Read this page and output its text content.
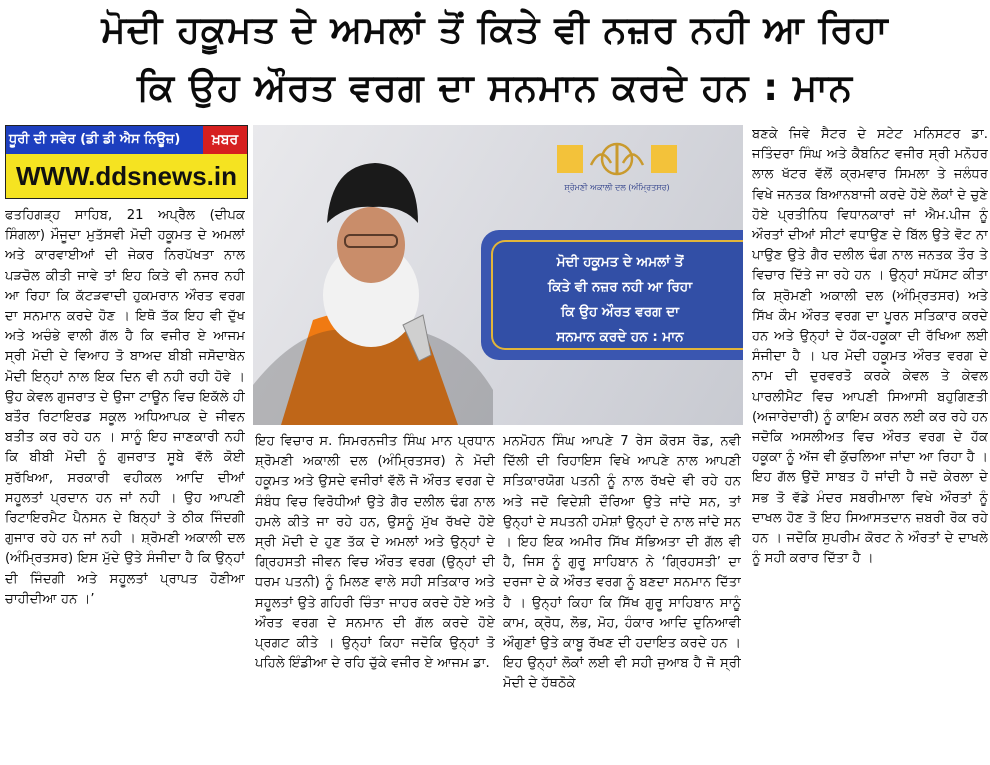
ਮੋਦੀ ਹਕੂਮਤ ਦੇ ਅਮਲਾਂ ਤੋਂ ਕਿਤੇ ਵੀ ਨਜ਼ਰ ਨਹੀ ਆ ਰਿਹਾ
ਕਿ ਉਹ ਔਰਤ ਵਰਗ ਦਾ ਸਨਮਾਨ ਕਰਦੇ ਹਨ : ਮਾਨ
ਧੂਰੀ ਦੀ ਸਵੇਰ (ਡੀ ਡੀ ਐਸ ਨਿਊਜ਼)	ਖ਼ਬਰ
WWW.ddsnews.in	ਸ਼੍ਰੋਮਣੀ ਅਕਾਲੀ ਦਲ (ਅੰਮ੍ਰਿਤਸਰ)
ਮੋਦੀ ਹਕੂਮਤ ਦੇ ਅਮਲਾਂ ਤੋਂ
ਕਿਤੇ ਵੀ ਨਜ਼ਰ ਨਹੀ ਆ ਰਿਹਾ
ਕਿ ਉਹ ਔਰਤ ਵਰਗ ਦਾ
ਸਨਮਾਨ ਕਰਦੇ ਹਨ : ਮਾਨ
ਫਤਹਿਗੜ੍ਹ ਸਾਹਿਬ, 21 ਅਪ੍ਰੈਲ (ਦੀਪਕ ਸਿੰਗਲਾ) ਮੌਜੂਦਾ ਮੁਤੱਸਵੀ ਮੋਦੀ ਹਕੂਮਤ ਦੇ ਅਮਲਾਂ ਅਤੇ ਕਾਰਵਾਈਆਂ ਦੀ ਜੇਕਰ ਨਿਰਪੱਖਤਾ ਨਾਲ ਪੜਚੋਲ ਕੀਤੀ ਜਾਵੇ ਤਾਂ ਇਹ ਕਿਤੇ ਵੀ ਨਜਰ ਨਹੀ ਆ ਰਿਹਾ ਕਿ ਕੱਟੜਵਾਦੀ ਹੁਕਮਰਾਨ ਔਰਤ ਵਰਗ ਦਾ ਸਨਮਾਨ ਕਰਦੇ ਹੋਣ । ਇਥੋ ਤੱਕ ਇਹ ਵੀ ਦੁੱਖ ਅਤੇ ਅਚੰਭੇ ਵਾਲੀ ਗੱਲ ਹੈ ਕਿ ਵਜੀਰ ਏ ਆਜਮ ਸ੍ਰੀ ਮੋਦੀ ਦੇ ਵਿਆਹ ਤੋ ਬਾਅਦ ਬੀਬੀ ਜਸੋਦਾਬੇਨ ਮੋਦੀ ਇਨ੍ਹਾਂ ਨਾਲ ਇਕ ਦਿਨ ਵੀ ਨਹੀ ਰਹੀ ਹੋਵੇ । ਉਹ ਕੇਵਲ ਗੁਜਰਾਤ ਦੇ ਉਜਾ ਟਾਊਨ ਵਿਚ ਇਕੱਲੇ ਹੀ ਬਤੌਰ ਰਿਟਾਇਰਡ ਸਕੂਲ ਅਧਿਆਪਕ ਦੇ ਜੀਵਨ ਬਤੀਤ ਕਰ ਰਹੇ ਹਨ । ਸਾਨੂੰ ਇਹ ਜਾਣਕਾਰੀ ਨਹੀ ਕਿ ਬੀਬੀ ਮੋਦੀ ਨੂੰ ਗੁਜਰਾਤ ਸੂਬੇ ਵੱਲੋ ਕੋਈ ਸੁਰੱਖਿਆ, ਸਰਕਾਰੀ ਵਹੀਕਲ ਆਦਿ ਦੀਆਂ ਸਹੂਲਤਾਂ ਪ੍ਰਦਾਨ ਹਨ ਜਾਂ ਨਹੀ । ਉਹ ਆਪਣੀ ਰਿਟਾਇਰਮੈਟ ਪੈਨਸਨ ਦੇ ਬਿਨ੍ਹਾਂ ਤੇ ਠੀਕ ਜਿੰਦਗੀ ਗੁਜਾਰ ਰਹੇ ਹਨ ਜਾਂ ਨਹੀ । ਸ਼੍ਰੋਮਣੀ ਅਕਾਲੀ ਦਲ (ਅੰਮ੍ਰਿਤਸਰ) ਇਸ ਮੁੱਦੇ ਉਤੇ ਸੰਜੀਦਾ ਹੈ ਕਿ ਉਨ੍ਹਾਂ ਦੀ ਜਿੰਦਗੀ ਅਤੇ ਸਹੂਲਤਾਂ ਪ੍ਰਾਪਤ ਹੋਣੀਆ ਚਾਹੀਦੀਆ ਹਨ ।’
ਇਹ ਵਿਚਾਰ ਸ. ਸਿਮਰਨਜੀਤ ਸਿੰਘ ਮਾਨ ਪ੍ਰਧਾਨ ਸ਼੍ਰੋਮਣੀ ਅਕਾਲੀ ਦਲ (ਅੰਮ੍ਰਿਤਸਰ) ਨੇ ਮੋਦੀ ਹਕੂਮਤ ਅਤੇ ਉਸਦੇ ਵਜੀਰਾਂ ਵੱਲੋ ਜੋ ਔਰਤ ਵਰਗ ਦੇ ਸੰਬੰਧ ਵਿਚ ਵਿਰੋਧੀਆਂ ਉਤੇ ਗੈਰ ਦਲੀਲ ਢੰਗ ਨਾਲ ਹਮਲੇ ਕੀਤੇ ਜਾ ਰਹੇ ਹਨ, ਉਸਨੂੰ ਮੁੱਖ ਰੱਖਦੇ ਹੋਏ ਸ੍ਰੀ ਮੋਦੀ ਦੇ ਹੁਣ ਤੱਕ ਦੇ ਅਮਲਾਂ ਅਤੇ ਉਨ੍ਹਾਂ ਦੇ ਗ੍ਰਿਹਸਤੀ ਜੀਵਨ ਵਿਚ ਔਰਤ ਵਰਗ (ਉਨ੍ਹਾਂ ਦੀ ਧਰਮ ਪਤਨੀ) ਨੂੰ ਮਿਲਣ ਵਾਲੇ ਸਹੀ ਸਤਿਕਾਰ ਅਤੇ ਸਹੂਲਤਾਂ ਉਤੇ ਗਹਿਰੀ ਚਿੰਤਾ ਜਾਹਰ ਕਰਦੇ ਹੋਏ ਅਤੇ ਔਰਤ ਵਰਗ ਦੇ ਸਨਮਾਨ ਦੀ ਗੱਲ ਕਰਦੇ ਹੋਏ ਪ੍ਰਗਟ ਕੀਤੇ । ਉਨ੍ਹਾਂ ਕਿਹਾ ਜਦੋਕਿ ਉਨ੍ਹਾਂ ਤੋ ਪਹਿਲੇ ਇੰਡੀਆ ਦੇ ਰਹਿ ਚੁੱਕੇ ਵਜੀਰ ਏ ਆਜਮ ਡਾ.
ਮਨਮੋਹਨ ਸਿੰਘ ਆਪਣੇ 7 ਰੇਸ ਕੋਰਸ ਰੋਡ, ਨਵੀ ਦਿੱਲੀ ਦੀ ਰਿਹਾਇਸ ਵਿਖੇ ਆਪਣੇ ਨਾਲ ਆਪਣੀ ਸਤਿਕਾਰਯੋਗ ਪਤਨੀ ਨੂੰ ਨਾਲ ਰੱਖਦੇ ਵੀ ਰਹੇ ਹਨ ਅਤੇ ਜਦੋ ਵਿਦੇਸ਼ੀ ਦੌਰਿਆ ਉਤੇ ਜਾਂਦੇ ਸਨ, ਤਾਂ ਉਨ੍ਹਾਂ ਦੇ ਸਪਤਨੀ ਹਮੇਸ਼ਾਂ ਉਨ੍ਹਾਂ ਦੇ ਨਾਲ ਜਾਂਦੇ ਸਨ । ਇਹ ਇਕ ਅਮੀਰ ਸਿੱਖ ਸੱਭਿਅਤਾ ਦੀ ਗੱਲ ਵੀ ਹੈ, ਜਿਸ ਨੂੰ ਗੁਰੂ ਸਾਹਿਬਾਨ ਨੇ ‘ਗ੍ਰਿਹਸਤੀ’ ਦਾ ਦਰਜਾ ਦੇ ਕੇ ਔਰਤ ਵਰਗ ਨੂੰ ਬਣਦਾ ਸਨਮਾਨ ਦਿੱਤਾ ਹੈ । ਉਨ੍ਹਾਂ ਕਿਹਾ ਕਿ ਸਿੱਖ ਗੁਰੂ ਸਾਹਿਬਾਨ ਸਾਨੂੰ ਕਾਮ, ਕ੍ਰੋਧ, ਲੋਭ, ਮੋਹ, ਹੰਕਾਰ ਆਦਿ ਦੁਨਿਆਵੀ ਔਗੁਣਾਂ ਉਤੇ ਕਾਬੂ ਰੱਖਣ ਦੀ ਹਦਾਇਤ ਕਰਦੇ ਹਨ । ਇਹ ਉਨ੍ਹਾਂ ਲੋਕਾਂ ਲਈ ਵੀ ਸਹੀ ਜੁਆਬ ਹੈ ਜੋ ਸ੍ਰੀ ਮੋਦੀ ਦੇ ਹੱਥਠੋਕੇ
ਬਣਕੇ ਜਿਵੇ ਸੈਟਰ ਦੇ ਸਟੇਟ ਮਨਿਸਟਰ ਡਾ. ਜਤਿੰਦਰਾ ਸਿੰਘ ਅਤੇ ਕੈਬਨਿਟ ਵਜੀਰ ਸ੍ਰੀ ਮਨੋਹਰ ਲਾਲ ਖੱਟਰ ਵੱਲੋਂ ਕ੍ਰਮਵਾਰ ਸਿਮਲਾ ਤੇ ਜਲੰਧਰ ਵਿਖੇ ਜਨਤਕ ਬਿਆਨਬਾਜੀ ਕਰਦੇ ਹੋਏ ਲੋਕਾਂ ਦੇ ਚੁਣੇ ਹੋਏ ਪ੍ਰਤੀਨਿਧ ਵਿਧਾਨਕਾਰਾਂ ਜਾਂ ਐਮ.ਪੀਜ ਨੂੰ ਔਰਤਾਂ ਦੀਆਂ ਸੀਟਾਂ ਵਧਾਉਣ ਦੇ ਬਿੱਲ ਉਤੇ ਵੋਟ ਨਾ ਪਾਉਣ ਉਤੇ ਗੈਰ ਦਲੀਲ ਢੰਗ ਨਾਲ ਜਨਤਕ ਤੌਰ ਤੇ ਵਿਚਾਰ ਦਿੱਤੇ ਜਾ ਰਹੇ ਹਨ । ਉਨ੍ਹਾਂ ਸਪੱਸਟ ਕੀਤਾ ਕਿ ਸ਼੍ਰੋਮਣੀ ਅਕਾਲੀ ਦਲ (ਅੰਮ੍ਰਿਤਸਰ) ਅਤੇ ਸਿੱਖ ਕੌਮ ਔਰਤ ਵਰਗ ਦਾ ਪੂਰਨ ਸਤਿਕਾਰ ਕਰਦੇ ਹਨ ਅਤੇ ਉਨ੍ਹਾਂ ਦੇ ਹੱਕ-ਹਕੂਕਾ ਦੀ ਰੱਖਿਆ ਲਈ ਸੰਜੀਦਾ ਹੈ । ਪਰ ਮੋਦੀ ਹਕੂਮਤ ਔਰਤ ਵਰਗ ਦੇ ਨਾਮ ਦੀ ਦੁਰਵਰਤੋ ਕਰਕੇ ਕੇਵਲ ਤੇ ਕੇਵਲ ਪਾਰਲੀਮੈਟ ਵਿਚ ਆਪਣੀ ਸਿਆਸੀ ਬਹੁਗਿਣਤੀ (ਅਜਾਰੇਦਾਰੀ) ਨੂੰ ਕਾਇਮ ਕਰਨ ਲਈ ਕਰ ਰਹੇ ਹਨ ਜਦੋਕਿ ਅਸਲੀਅਤ ਵਿਚ ਔਰਤ ਵਰਗ ਦੇ ਹੱਕ ਹਕੂਕਾ ਨੂੰ ਅੱਜ ਵੀ ਕੁੱਚਲਿਆ ਜਾਂਦਾ ਆ ਰਿਹਾ ਹੈ । ਇਹ ਗੱਲ ਉਦੋ ਸਾਬਤ ਹੋ ਜਾਂਦੀ ਹੈ ਜਦੋ ਕੇਰਲਾ ਦੇ ਸਭ ਤੋ ਵੱਡੇ ਮੰਦਰ ਸਬਰੀਮਾਲਾ ਵਿਖੇ ਔਰਤਾਂ ਨੂੰ ਦਾਖਲ ਹੋਣ ਤੋ ਇਹ ਸਿਆਸਤਦਾਨ ਜ਼ਬਰੀ ਰੋਕ ਰਹੇ ਹਨ । ਜਦੋਕਿ ਸੁਪਰੀਮ ਕੋਰਟ ਨੇ ਔਰਤਾਂ ਦੇ ਦਾਖਲੇ ਨੂੰ ਸਹੀ ਕਰਾਰ ਦਿੱਤਾ ਹੈ ।
